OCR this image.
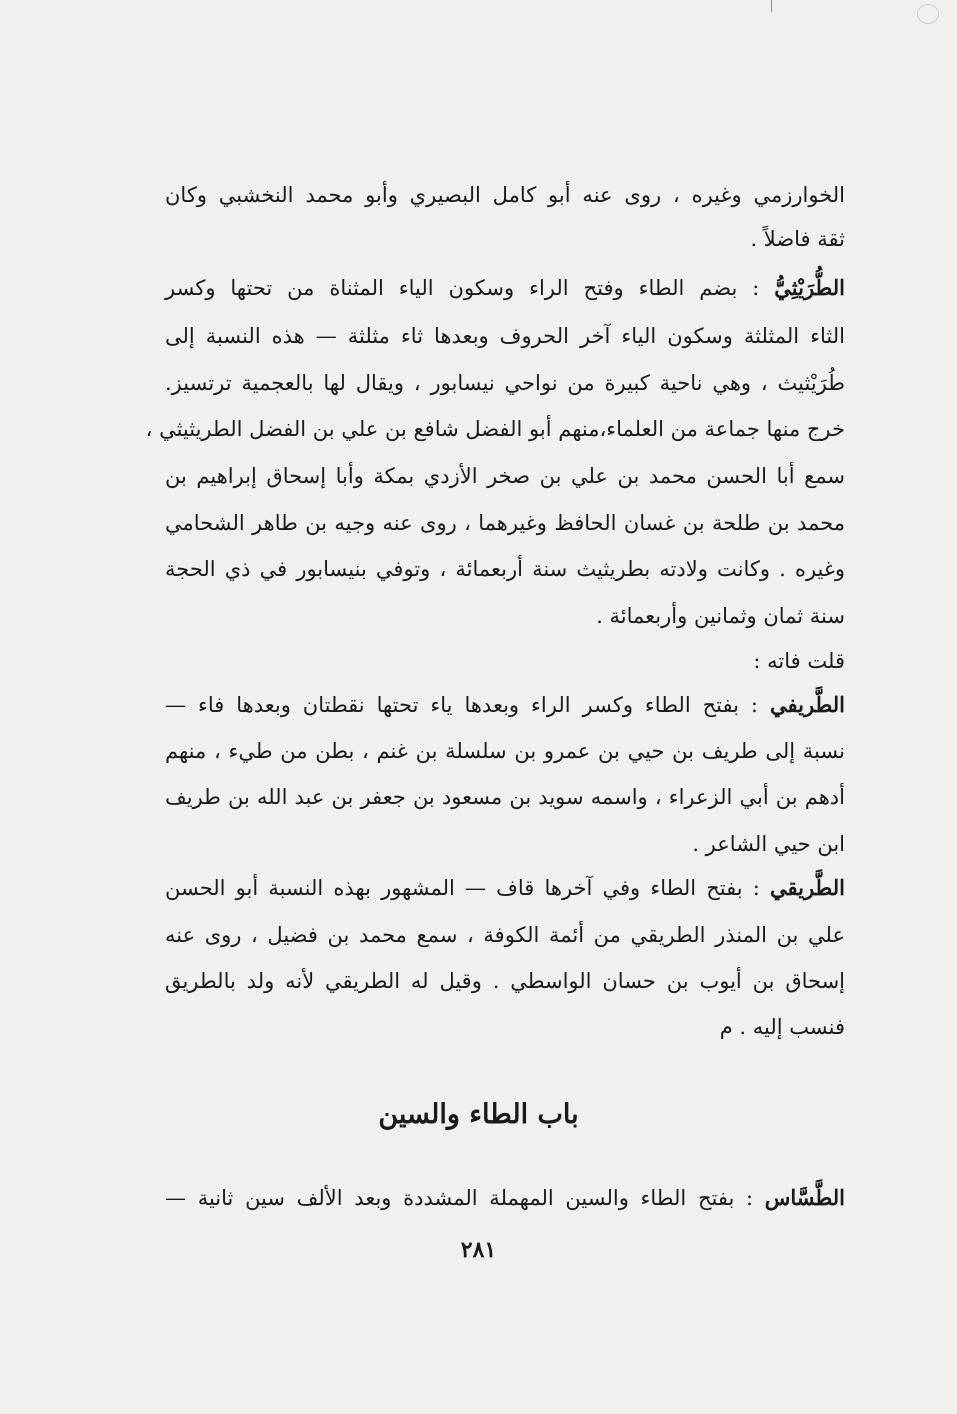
الخوارزمي وغيره ، روى عنه أبو كامل البصيري وأبو محمد النخشبي وكان
ثقة فاضلاً .
الطُّرَيْثِيُّ : بضم الطاء وفتح الراء وسكون الياء المثناة من تحتها وكسر
الثاء المثلثة وسكون الياء آخر الحروف وبعدها ثاء مثلثة — هذه النسبة إلى
طُرَيْثيث ، وهي ناحية كبيرة من نواحي نيسابور ، ويقال لها بالعجمية ترتسيز.
خرج منها جماعة من العلماء،منهم أبو الفضل شافع بن علي بن الفضل الطريثيثي ،
سمع أبا الحسن محمد بن علي بن صخر الأزدي بمكة وأبا إسحاق إبراهيم بن
محمد بن طلحة بن غسان الحافظ وغيرهما ، روى عنه وجيه بن طاهر الشحامي
وغيره . وكانت ولادته بطريثيث سنة أربعمائة ، وتوفي بنيسابور في ذي الحجة
سنة ثمان وثمانين وأربعمائة .
قلت فاته :
الطَّريفي : بفتح الطاء وكسر الراء وبعدها ياء تحتها نقطتان وبعدها فاء —
نسبة إلى طريف بن حيي بن عمرو بن سلسلة بن غنم ، بطن من طيء ، منهم
أدهم بن أبي الزعراء ، واسمه سويد بن مسعود بن جعفر بن عبد الله بن طريف
ابن حيي الشاعر .
الطَّريقي : بفتح الطاء وفي آخرها قاف — المشهور بهذه النسبة أبو الحسن
علي بن المنذر الطريقي من أئمة الكوفة ، سمع محمد بن فضيل ، روى عنه
إسحاق بن أيوب بن حسان الواسطي . وقيل له الطريقي لأنه ولد بالطريق
فنسب إليه . م
باب الطاء والسين
الطَّسَّاس : بفتح الطاء والسين المهملة المشددة وبعد الألف سين ثانية —
٢٨١
